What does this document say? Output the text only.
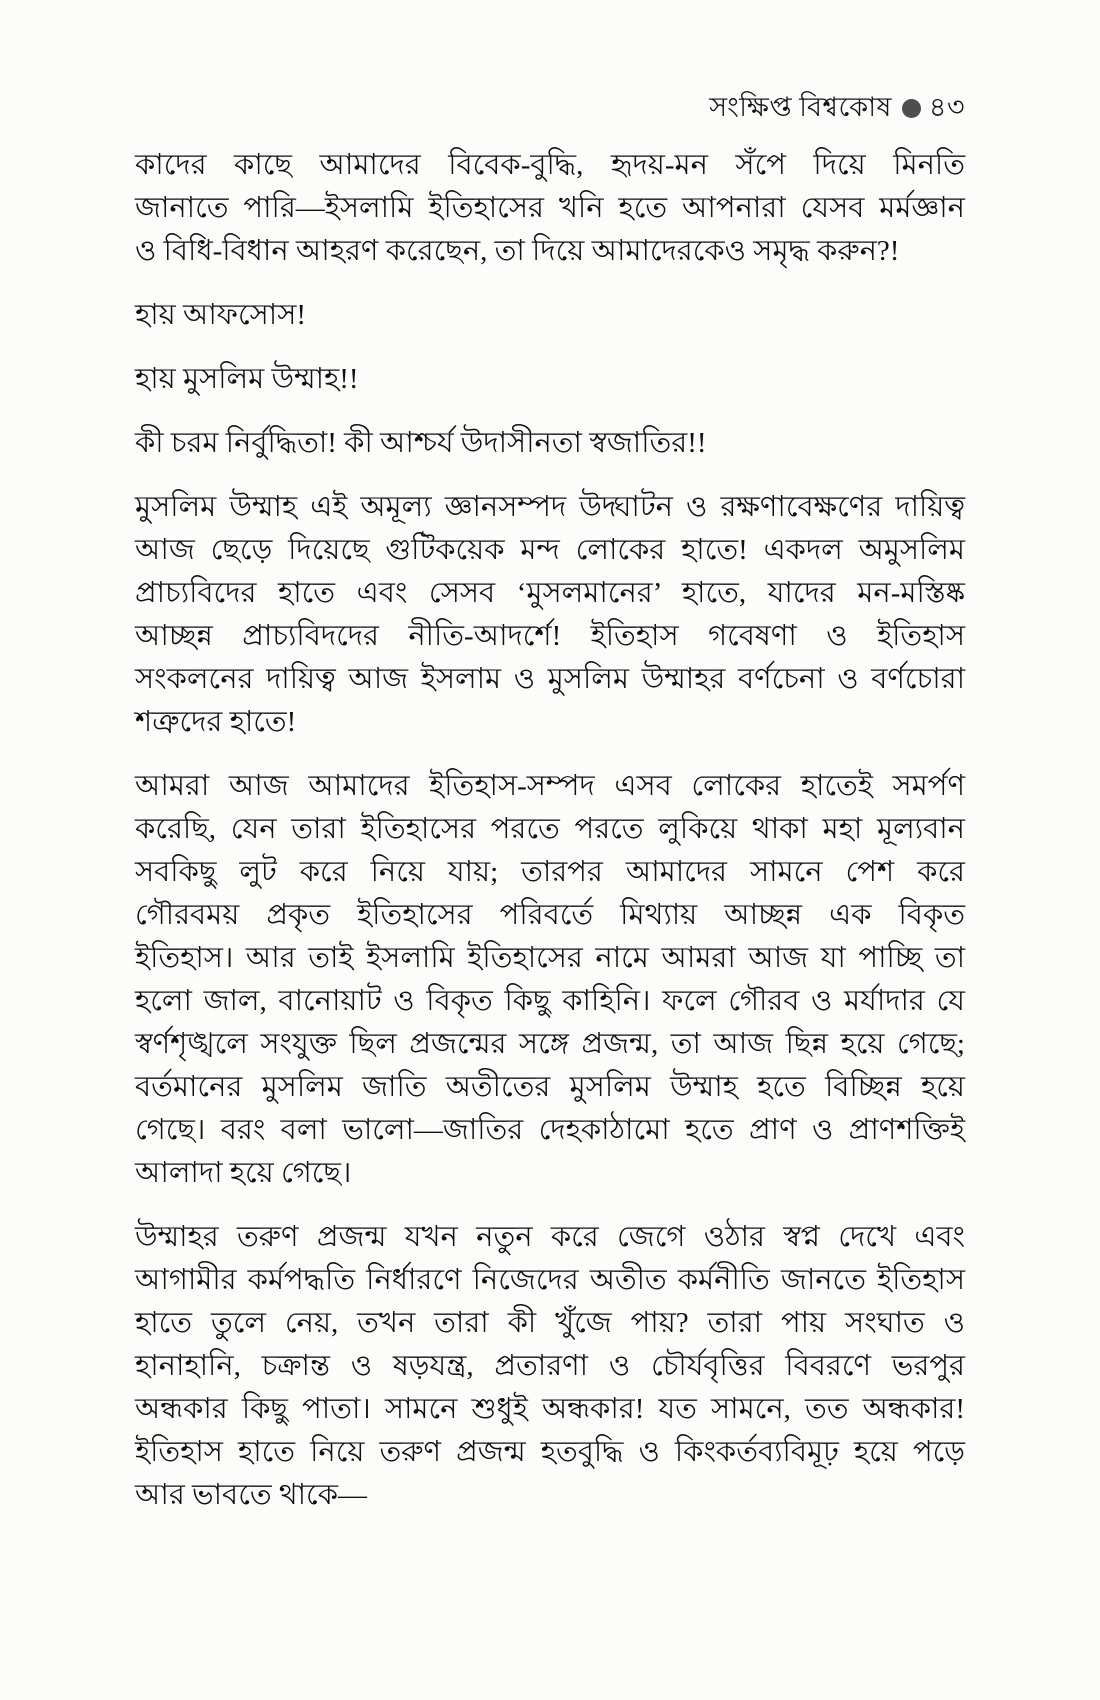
সংক্ষিপ্ত বিশ্বকোষ ৪৩
কাদের কাছে আমাদের বিবেক-বুদ্ধি, হৃদয়-মন সঁপে দিয়ে মিনতি
জানাতে পারি—ইসলামি ইতিহাসের খনি হতে আপনারা যেসব মর্মজ্ঞান
ও বিধি-বিধান আহরণ করেছেন, তা দিয়ে আমাদেরকেও সমৃদ্ধ করুন?!
হায় আফসোস!
হায় মুসলিম উম্মাহ!!
কী চরম নির্বুদ্ধিতা! কী আশ্চর্য উদাসীনতা স্বজাতির!!
মুসলিম উম্মাহ এই অমূল্য জ্ঞানসম্পদ উদ্ঘাটন ও রক্ষণাবেক্ষণের দায়িত্ব
আজ ছেড়ে দিয়েছে গুটিকয়েক মন্দ লোকের হাতে! একদল অমুসলিম
প্রাচ্যবিদের হাতে এবং সেসব ‘মুসলমানের’ হাতে, যাদের মন-মস্তিষ্ক
আচ্ছন্ন প্রাচ্যবিদদের নীতি-আদর্শে! ইতিহাস গবেষণা ও ইতিহাস
সংকলনের দায়িত্ব আজ ইসলাম ও মুসলিম উম্মাহর বর্ণচেনা ও বর্ণচোরা
শত্রুদের হাতে!
আমরা আজ আমাদের ইতিহাস-সম্পদ এসব লোকের হাতেই সমর্পণ
করেছি, যেন তারা ইতিহাসের পরতে পরতে লুকিয়ে থাকা মহা মূল্যবান
সবকিছু লুট করে নিয়ে যায়; তারপর আমাদের সামনে পেশ করে
গৌরবময় প্রকৃত ইতিহাসের পরিবর্তে মিথ্যায় আচ্ছন্ন এক বিকৃত
ইতিহাস। আর তাই ইসলামি ইতিহাসের নামে আমরা আজ যা পাচ্ছি তা
হলো জাল, বানোয়াট ও বিকৃত কিছু কাহিনি। ফলে গৌরব ও মর্যাদার যে
স্বর্ণশৃঙ্খলে সংযুক্ত ছিল প্রজন্মের সঙ্গে প্রজন্ম, তা আজ ছিন্ন হয়ে গেছে;
বর্তমানের মুসলিম জাতি অতীতের মুসলিম উম্মাহ হতে বিচ্ছিন্ন হয়ে
গেছে। বরং বলা ভালো—জাতির দেহকাঠামো হতে প্রাণ ও প্রাণশক্তিই
আলাদা হয়ে গেছে।
উম্মাহর তরুণ প্রজন্ম যখন নতুন করে জেগে ওঠার স্বপ্ন দেখে এবং
আগামীর কর্মপদ্ধতি নির্ধারণে নিজেদের অতীত কর্মনীতি জানতে ইতিহাস
হাতে তুলে নেয়, তখন তারা কী খুঁজে পায়? তারা পায় সংঘাত ও
হানাহানি, চক্রান্ত ও ষড়যন্ত্র, প্রতারণা ও চৌর্যবৃত্তির বিবরণে ভরপুর
অন্ধকার কিছু পাতা। সামনে শুধুই অন্ধকার! যত সামনে, তত অন্ধকার!
ইতিহাস হাতে নিয়ে তরুণ প্রজন্ম হতবুদ্ধি ও কিংকর্তব্যবিমূঢ় হয়ে পড়ে
আর ভাবতে থাকে—
